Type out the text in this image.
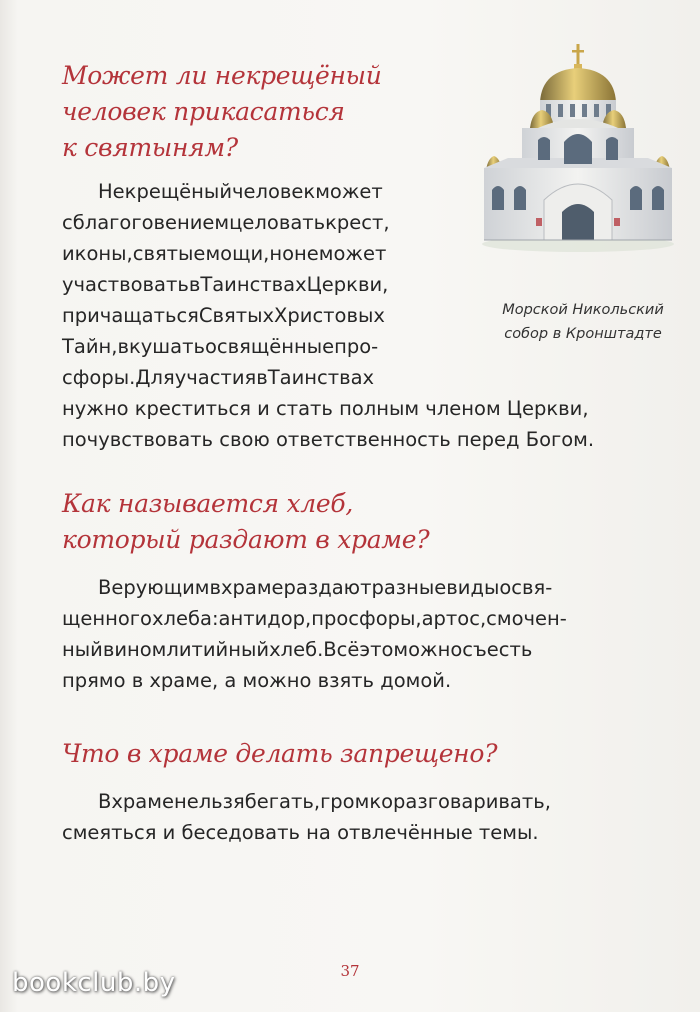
Может ли некрещёный
человек прикасаться
к святыням?
Некрещёныйчеловекможет
сблагоговениемцеловатькрест,
иконы,святыемощи,нонеможет
участвоватьвТаинствахЦеркви,
причащатьсяСвятыхХристовых
Тайн,вкушатьосвящённыепро-
сфоры.ДляучастиявТаинствах
нужно креститься и стать полным членом Церкви,
почувствовать свою ответственность перед Богом.
Морской Никольский
собор в Кронштадте
Как называется хлеб,
который раздают в храме?
Верующимвхрамераздаютразныевидыосвя-
щенногохлеба:антидор,просфоры,артос,смочен-
ныйвиномлитийныйхлеб.Всёэтоможносъесть
прямо в храме, а можно взять домой.
Что в храме делать запрещено?
Вхраменельзябегать,громкоразговаривать,
смеяться и беседовать на отвлечённые темы.
37
bookclub.by
